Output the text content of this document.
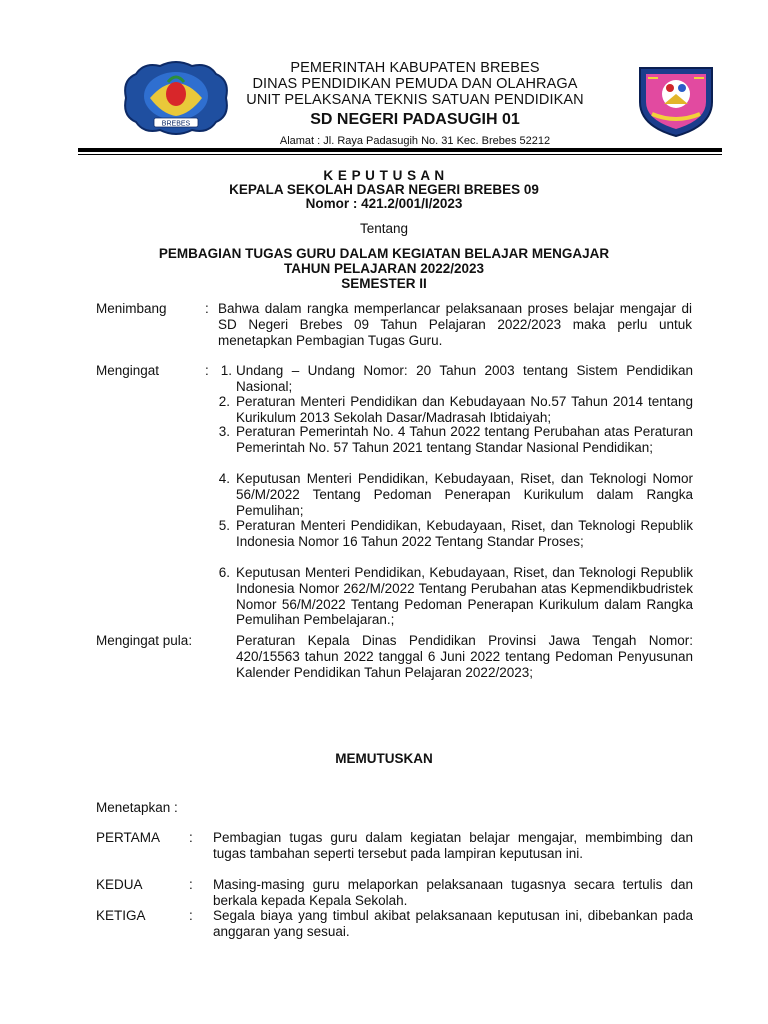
BREBES
PEMERINTAH KABUPATEN BREBES
DINAS PENDIDIKAN PEMUDA DAN OLAHRAGA
UNIT PELAKSANA TEKNIS SATUAN PENDIDIKAN
SD NEGERI PADASUGIH 01
Alamat : Jl. Raya Padasugih No. 31 Kec. Brebes 52212
K E P U T U S A N
KEPALA SEKOLAH DASAR NEGERI BREBES 09
Nomor : 421.2/001/I/2023
Tentang
PEMBAGIAN TUGAS GURU DALAM KEGIATAN BELAJAR MENGAJAR
TAHUN PELAJARAN 2022/2023
SEMESTER II
Menimbang	: Bahwa dalam rangka memperlancar pelaksanaan proses belajar mengajar di SD Negeri Brebes 09 Tahun Pelajaran 2022/2023 maka perlu untuk menetapkan Pembagian Tugas Guru.
Mengingat	: 1. Undang – Undang Nomor: 20 Tahun 2003 tentang Sistem Pendidikan Nasional;
2. Peraturan Menteri Pendidikan dan Kebudayaan No.57 Tahun 2014 tentang Kurikulum 2013 Sekolah Dasar/Madrasah Ibtidaiyah;
3. Peraturan Pemerintah No. 4 Tahun 2022 tentang Perubahan atas Peraturan Pemerintah No. 57 Tahun 2021 tentang Standar Nasional Pendidikan;
4. Keputusan Menteri Pendidikan, Kebudayaan, Riset, dan Teknologi Nomor 56/M/2022 Tentang Pedoman Penerapan Kurikulum dalam Rangka Pemulihan;
5. Peraturan Menteri Pendidikan, Kebudayaan, Riset, dan Teknologi Republik Indonesia Nomor 16 Tahun 2022 Tentang Standar Proses;
6. Keputusan Menteri Pendidikan, Kebudayaan, Riset, dan Teknologi Republik Indonesia Nomor 262/M/2022 Tentang Perubahan atas Kepmendikbudristek Nomor 56/M/2022 Tentang Pedoman Penerapan Kurikulum dalam Rangka Pemulihan Pembelajaran.;
Mengingat pula:	Peraturan Kepala Dinas Pendidikan Provinsi Jawa Tengah Nomor: 420/15563 tahun 2022 tanggal 6 Juni 2022 tentang Pedoman Penyusunan Kalender Pendidikan Tahun Pelajaran 2022/2023;
MEMUTUSKAN
Menetapkan :
PERTAMA : Pembagian tugas guru dalam kegiatan belajar mengajar, membimbing dan tugas tambahan seperti tersebut pada lampiran keputusan ini.
KEDUA	: Masing-masing guru melaporkan pelaksanaan tugasnya secara tertulis dan berkala kepada Kepala Sekolah.
KETIGA	: Segala biaya yang timbul akibat pelaksanaan keputusan ini, dibebankan pada anggaran yang sesuai.
